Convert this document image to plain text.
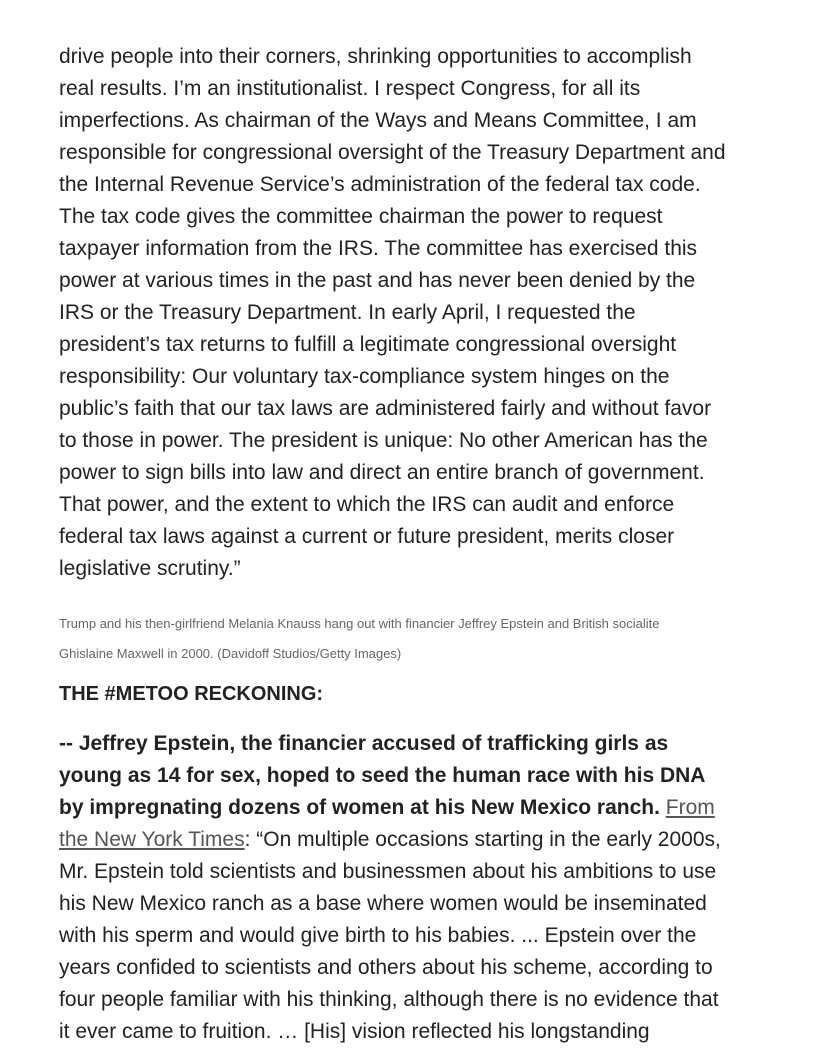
drive people into their corners, shrinking opportunities to accomplish
real results. I’m an institutionalist. I respect Congress, for all its
imperfections. As chairman of the Ways and Means Committee, I am
responsible for congressional oversight of the Treasury Department and
the Internal Revenue Service’s administration of the federal tax code.
The tax code gives the committee chairman the power to request
taxpayer information from the IRS. The committee has exercised this
power at various times in the past and has never been denied by the
IRS or the Treasury Department. In early April, I requested the
president’s tax returns to fulfill a legitimate congressional oversight
responsibility: Our voluntary tax-compliance system hinges on the
public’s faith that our tax laws are administered fairly and without favor
to those in power. The president is unique: No other American has the
power to sign bills into law and direct an entire branch of government.
That power, and the extent to which the IRS can audit and enforce
federal tax laws against a current or future president, merits closer
legislative scrutiny.”
Trump and his then-girlfriend Melania Knauss hang out with financier Jeffrey Epstein and British socialite
Ghislaine Maxwell in 2000. (Davidoff Studios/Getty Images)
THE #METOO RECKONING:
-- Jeffrey Epstein, the financier accused of trafficking girls as
young as 14 for sex, hoped to seed the human race with his DNA
by impregnating dozens of women at his New Mexico ranch. From
the New York Times: “On multiple occasions starting in the early 2000s,
Mr. Epstein told scientists and businessmen about his ambitions to use
his New Mexico ranch as a base where women would be inseminated
with his sperm and would give birth to his babies. ... Epstein over the
years confided to scientists and others about his scheme, according to
four people familiar with his thinking, although there is no evidence that
it ever came to fruition. … [His] vision reflected his longstanding
